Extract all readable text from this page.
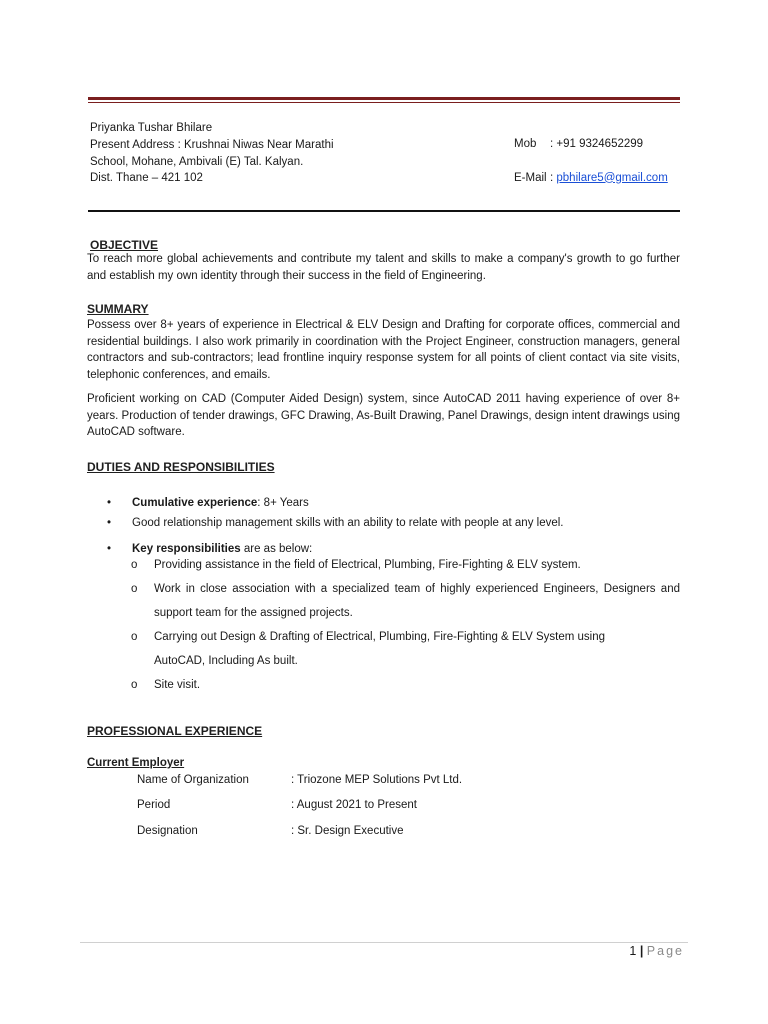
Priyanka Tushar Bhilare
Present Address : Krushnai Niwas Near Marathi
School, Mohane, Ambivali (E) Tal. Kalyan.
Dist. Thane – 421 102
Mob : +91 9324652299
E-Mail : pbhilare5@gmail.com
OBJECTIVE

To reach more global achievements and contribute my talent and skills to make a company's growth to go further and establish my own identity through their success in the field of Engineering.

SUMMARY

Possess over 8+ years of experience in Electrical & ELV Design and Drafting for corporate offices, commercial and residential buildings. I also work primarily in coordination with the Project Engineer, construction managers, general contractors and sub-contractors; lead frontline inquiry response system for all points of client contact via site visits, telephonic conferences, and emails.

Proficient working on CAD (Computer Aided Design) system, since AutoCAD 2011 having experience of over 8+ years. Production of tender drawings, GFC Drawing, As-Built Drawing, Panel Drawings, design intent drawings using AutoCAD software.

DUTIES AND RESPONSIBILITIES
• Cumulative experience: 8+ Years
• Good relationship management skills with an ability to relate with people at any level.
• Key responsibilities are as below:
o Providing assistance in the field of Electrical, Plumbing, Fire-Fighting & ELV system.
o Work in close association with a specialized team of highly experienced Engineers, Designers and support team for the assigned projects.
o Carrying out Design & Drafting of Electrical, Plumbing, Fire-Fighting & ELV System using AutoCAD, Including As built.
o Site visit.
PROFESSIONAL EXPERIENCE
Current Employer
Name of Organization	: Triozone MEP Solutions Pvt Ltd.
Period	: August 2021 to Present
Designation	: Sr. Design Executive
1 | Page
